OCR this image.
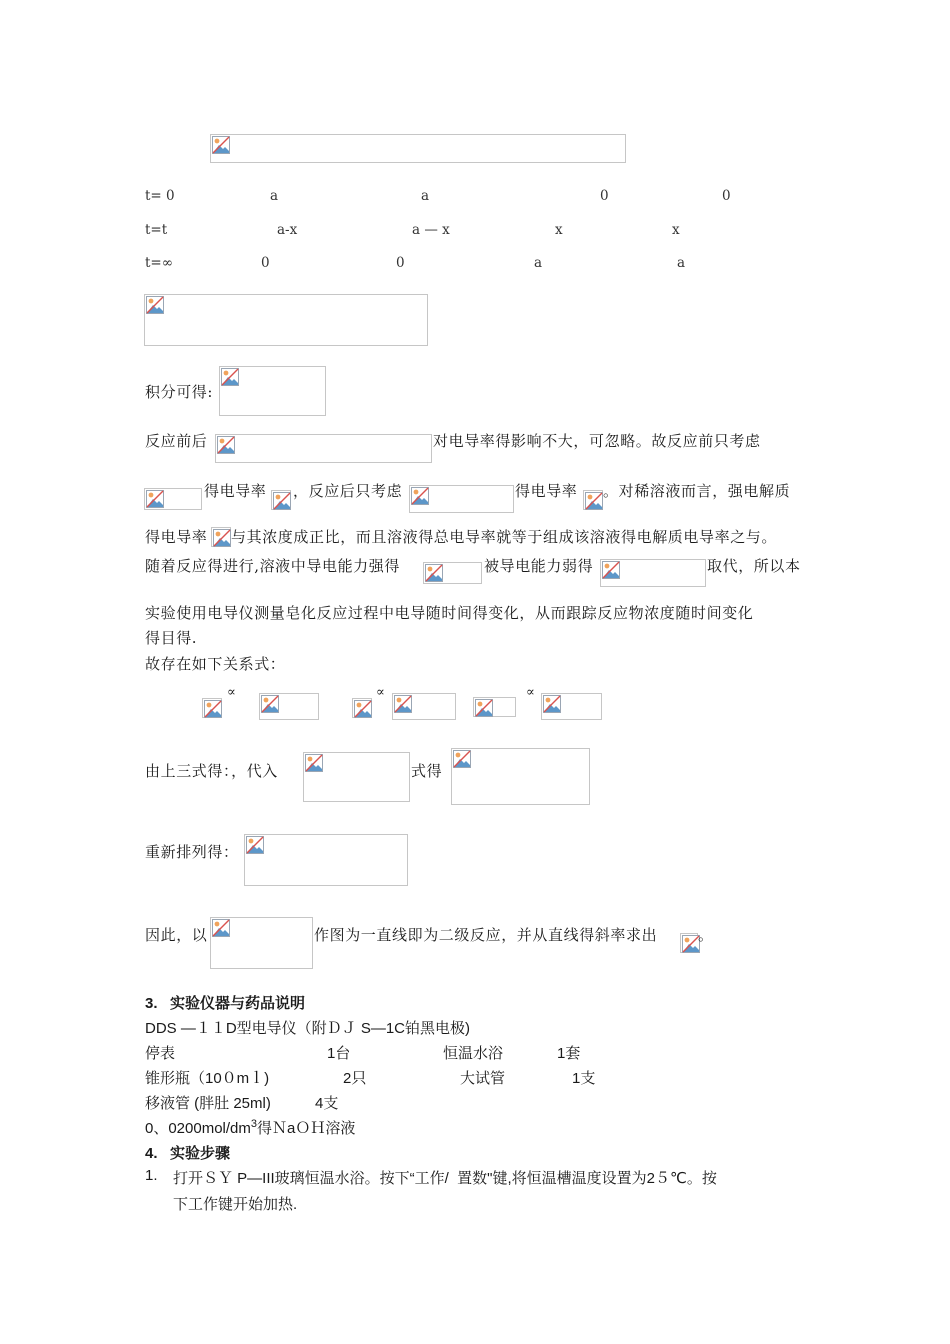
t= 0	a	a	0	0
t=t	a-x	a — x	x	x
t=∞	0	0	a	a
积分可得:
反应前后	对电导率得影响不大，可忽略。故反应前只考虑
得电导率 ，反应后只考虑	得电导率 。对稀溶液而言，强电解质
得电导率 与其浓度成正比，而且溶液得总电导率就等于组成该溶液得电解质电导率之与。
随着反应得进行,溶液中导电能力强得	被导电能力弱得	取代，所以本
实验使用电导仪测量皂化反应过程中电导随时间得变化，从而跟踪反应物浓度随时间变化
得目得.
故存在如下关系式：
∝	∝	∝
由上三式得：，代入	式得
重新排列得：
因此，以	作图为一直线即为二级反应，并从直线得斜率求出	。
3.   实验仪器与药品说明
DDS —１１D型电导仪（附ＤＪ S—1C铂黑电极)
停表	1台	恒温水浴	1套
锥形瓶（10０mｌ)	2只	大试管	1支
移液管 (胖肚 25ml)	4支
0、$0200mol/dm^3$得ＮaＯＨ溶液
4.   实验步骤
1. 打开ＳＹ P—III玻璃恒温水浴。按下“工作/  置数"键,将恒温槽温度设置为2５℃。按
下工作键开始加热.
